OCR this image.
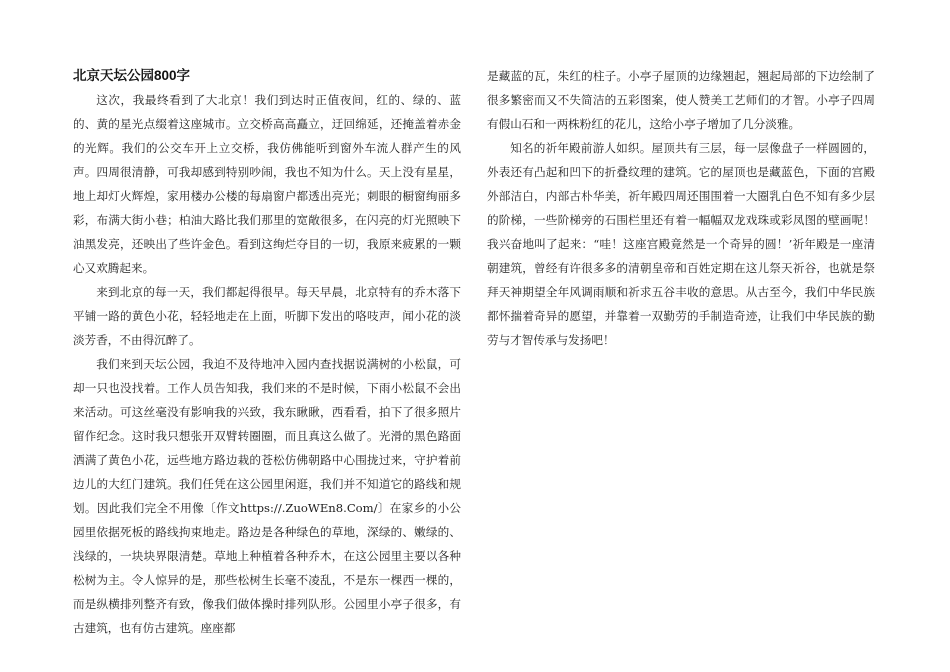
北京天坛公园800字

这次，我最终看到了大北京！我们到达时正值夜间，红的、绿的、蓝的、黄的星光点缀着这座城市。立交桥高高矗立，迂回绵延，还掩盖着赤金的光辉。我们的公交车开上立交桥，我仿佛能听到窗外车流人群产生的风声。四周很清静，可我却感到特别吵闹，我也不知为什么。天上没有星星，地上却灯火辉煌，家用楼办公楼的每扇窗户都透出亮光；刺眼的橱窗绚丽多彩，布满大街小巷；柏油大路比我们那里的宽敞很多，在闪亮的灯光照映下油黑发亮，还映出了些许金色。看到这绚烂夺目的一切，我原来疲累的一颗心又欢腾起来。

来到北京的每一天，我们都起得很早。每天早晨，北京特有的乔木落下平铺一路的黄色小花，轻轻地走在上面，听脚下发出的咯吱声，闻小花的淡淡芳香，不由得沉醉了。

我们来到天坛公园，我迫不及待地冲入园内查找据说满树的小松鼠，可却一只也没找着。工作人员告知我，我们来的不是时候，下雨小松鼠不会出来活动。可这丝毫没有影响我的兴致，我东瞅瞅，西看看，拍下了很多照片留作纪念。这时我只想张开双臂转圈圈，而且真这么做了。光滑的黑色路面洒满了黄色小花，远些地方路边栽的苍松仿佛朝路中心围拢过来，守护着前边儿的大红门建筑。我们任凭在这公园里闲逛，我们并不知道它的路线和规划。因此我们完全不用像〔作文https://.ZuoWEn8.Com/〕在家乡的小公园里依据死板的路线拘束地走。路边是各种绿色的草地，深绿的、嫩绿的、浅绿的，一块块界限清楚。草地上种植着各种乔木，在这公园里主要以各种松树为主。令人惊异的是，那些松树生长毫不凌乱，不是东一棵西一棵的，而是纵横排列整齐有致，像我们做体操时排列队形。公园里小亭子很多，有古建筑，也有仿古建筑。座座都

是藏蓝的瓦，朱红的柱子。小亭子屋顶的边缘翘起，翘起局部的下边绘制了很多繁密而又不失简洁的五彩图案，使人赞美工艺师们的才智。小亭子四周有假山石和一两株粉红的花儿，这给小亭子增加了几分淡雅。

知名的祈年殿前游人如织。屋顶共有三层，每一层像盘子一样圆圆的，外表还有凸起和凹下的折叠纹理的建筑。它的屋顶也是藏蓝色，下面的宫殿外部洁白，内部古朴华美，祈年殿四周还围围着一大圈乳白色不知有多少层的阶梯，一些阶梯旁的石围栏里还有着一幅幅双龙戏珠或彩凤图的壁画呢！我兴奋地叫了起来：“哇！这座宫殿竟然是一个奇异的圆！’祈年殿是一座清朝建筑，曾经有许很多多的清朝皇帝和百姓定期在这儿祭天祈谷，也就是祭拜天神期望全年风调雨顺和祈求五谷丰收的意思。从古至今，我们中华民族都怀揣着奇异的愿望，并靠着一双勤劳的手制造奇迹，让我们中华民族的勤劳与才智传承与发扬吧！
